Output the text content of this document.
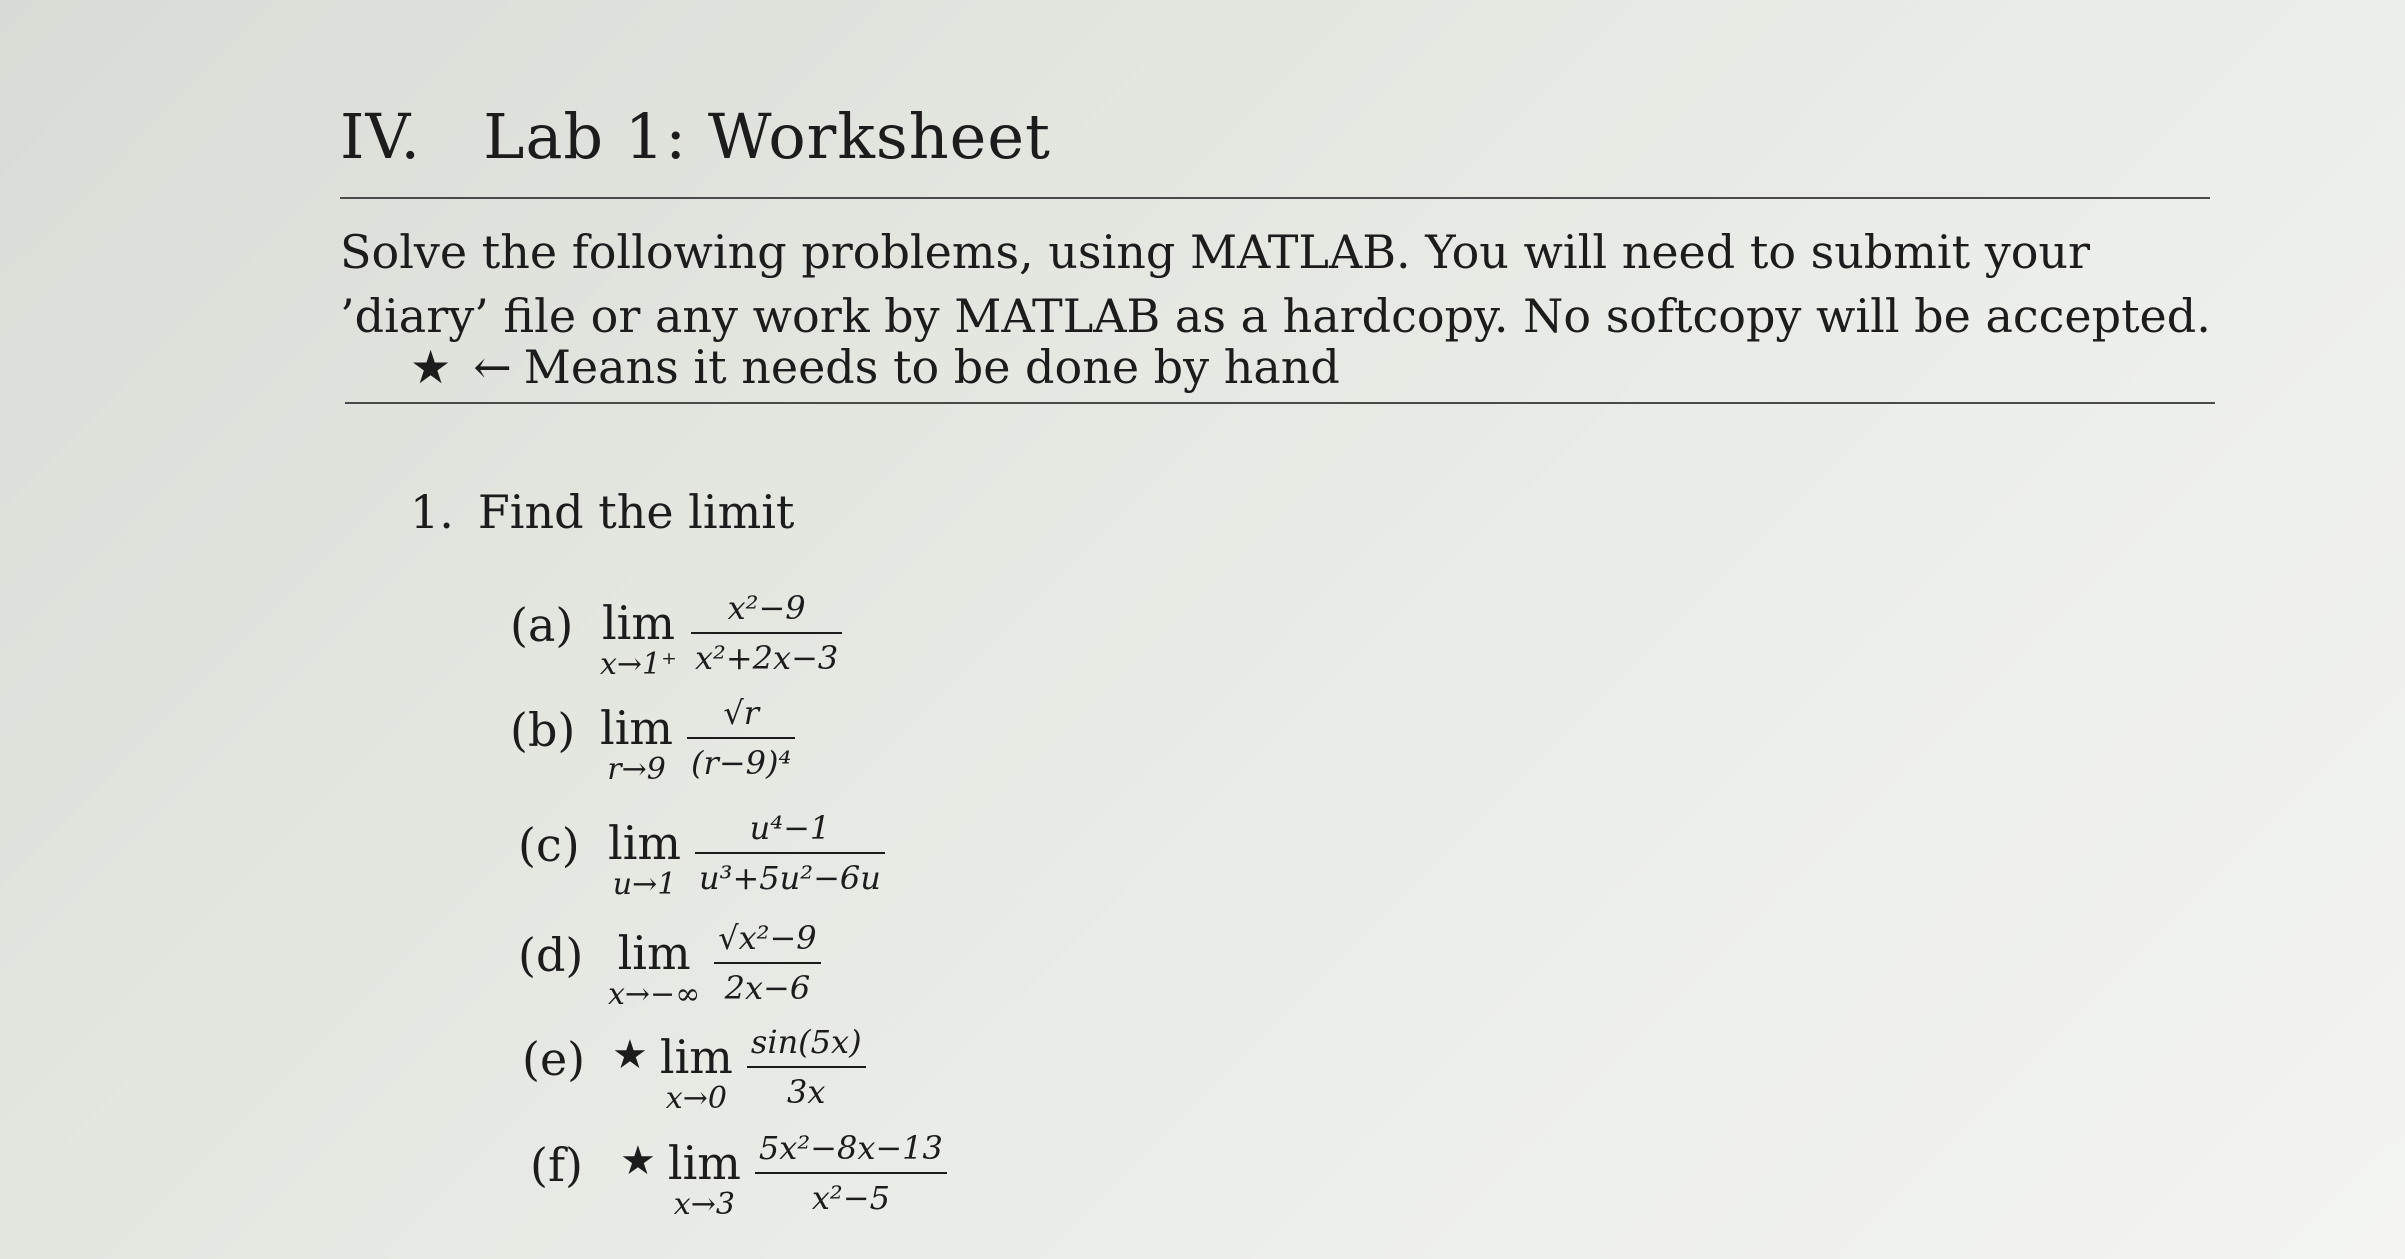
IV. Lab 1: Worksheet

Solve the following problems, using MATLAB. You will need to submit your ’diary’ file or any work by MATLAB as a hardcopy. No softcopy will be accepted.

★ ← Means it needs to be done by hand
1. Find the limit
(a) lim
$x\to 1^+ \frac{\text{x²−9}}{\text{x²+2x−3}}$
(b) lim
$r\to 9 \frac{√r}{\text{(r−9)⁴}}$
(c) lim
$u\to 1 \frac{\text{u⁴−1}}{\text{u³+5u²−6u}}$
(d) lim
$x\to-\infty \frac{\text{√x²−9}}{2x-6}$
(e) ★ lim
$x\to 0 \frac{\sin(5x)}{3x}$
(f) ★ lim
$x\to 3 \frac{\text{5x²−8x−13}}{\text{x²−5}}$
